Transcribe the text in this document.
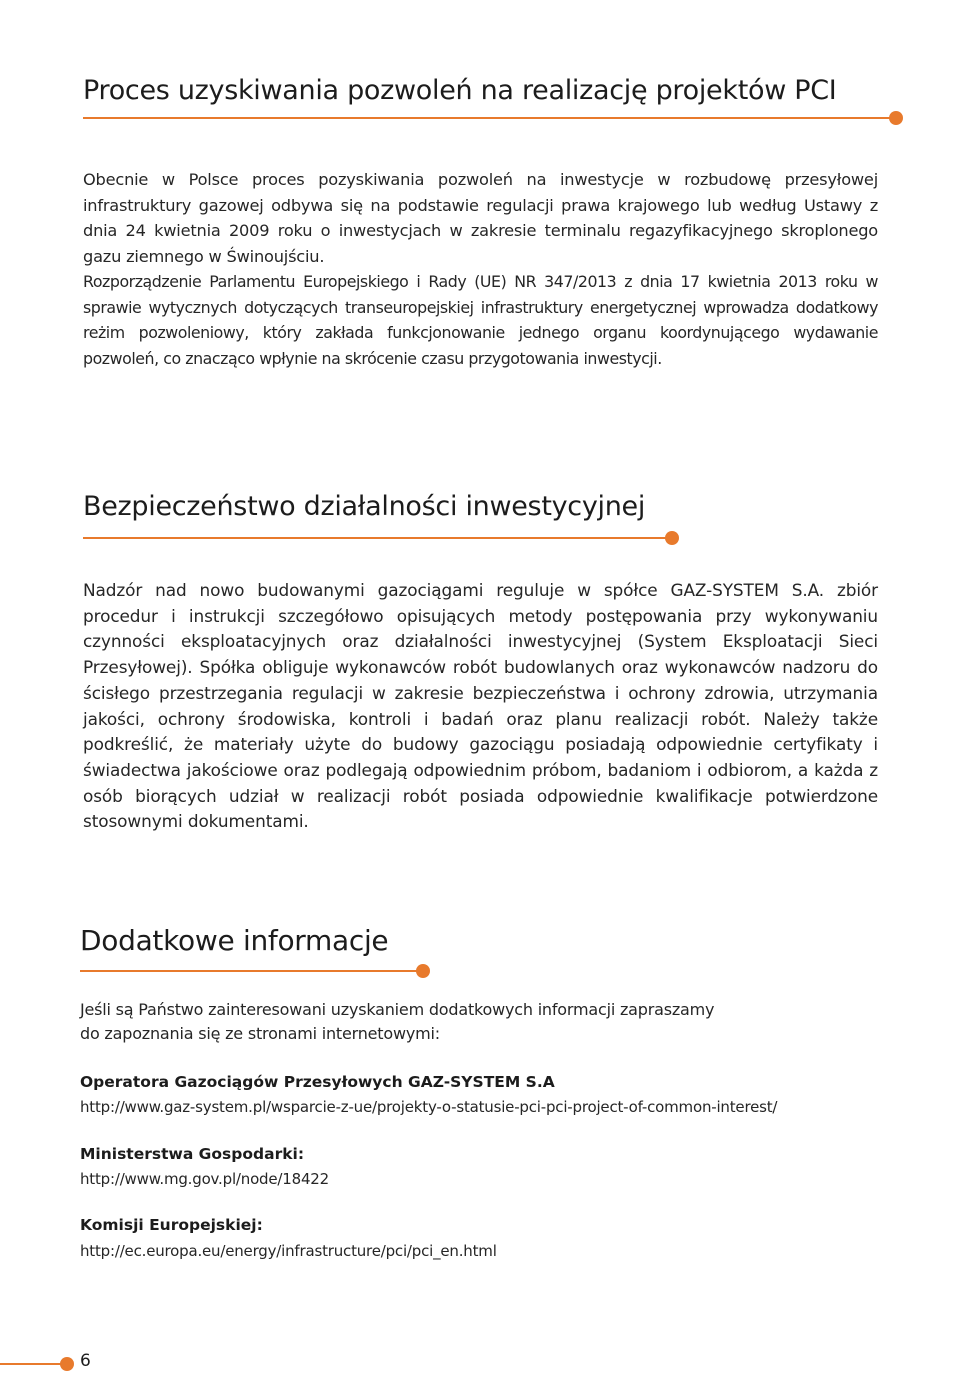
Proces uzyskiwania pozwoleń na realizację projektów PCI

Obecnie w Polsce proces pozyskiwania pozwoleń na inwestycje w rozbudowę przesyłowej infrastruktury gazowej odbywa się na podstawie regulacji prawa krajowego lub według Ustawy z dnia 24 kwietnia 2009 roku o inwestycjach w zakresie terminalu regazyfikacyjnego skroplonego gazu ziemnego w Świnoujściu.

Rozporządzenie Parlamentu Europejskiego i Rady (UE) NR 347/2013 z dnia 17 kwietnia 2013 roku w sprawie wytycznych dotyczących transeuropejskiej infrastruktury energetycznej wprowadza dodatkowy reżim pozwoleniowy, który zakłada funkcjonowanie jednego organu koordynującego wydawanie pozwoleń, co znacząco wpłynie na skrócenie czasu przygotowania inwestycji.

Bezpieczeństwo działalności inwestycyjnej

Nadzór nad nowo budowanymi gazociągami reguluje w spółce GAZ-SYSTEM S.A. zbiór procedur i instrukcji szczegółowo opisujących metody postępowania przy wykonywaniu czynności eksploatacyjnych oraz działalności inwestycyjnej (System Eksploatacji Sieci Przesyłowej). Spółka obliguje wykonawców robót budowlanych oraz wykonawców nadzoru do ścisłego przestrzegania regulacji w zakresie bezpieczeństwa i ochrony zdrowia, utrzymania jakości, ochrony środowiska, kontroli i badań oraz planu realizacji robót. Należy także podkreślić, że materiały użyte do budowy gazociągu posiadają odpowiednie certyfikaty i świadectwa jakościowe oraz podlegają odpowiednim próbom, badaniom i odbiorom, a każda z osób biorących udział w realizacji robót posiada odpowiednie kwalifikacje potwierdzone stosownymi dokumentami.

Dodatkowe informacje

Jeśli są Państwo zainteresowani uzyskaniem dodatkowych informacji zapraszamy
do zapoznania się ze stronami internetowymi:

Operatora Gazociągów Przesyłowych GAZ-SYSTEM S.A

http://www.gaz-system.pl/wsparcie-z-ue/projekty-o-statusie-pci-pci-project-of-common-interest/

Ministerstwa Gospodarki:

http://www.mg.gov.pl/node/18422

Komisji Europejskiej:

http://ec.europa.eu/energy/infrastructure/pci/pci_en.html

6
